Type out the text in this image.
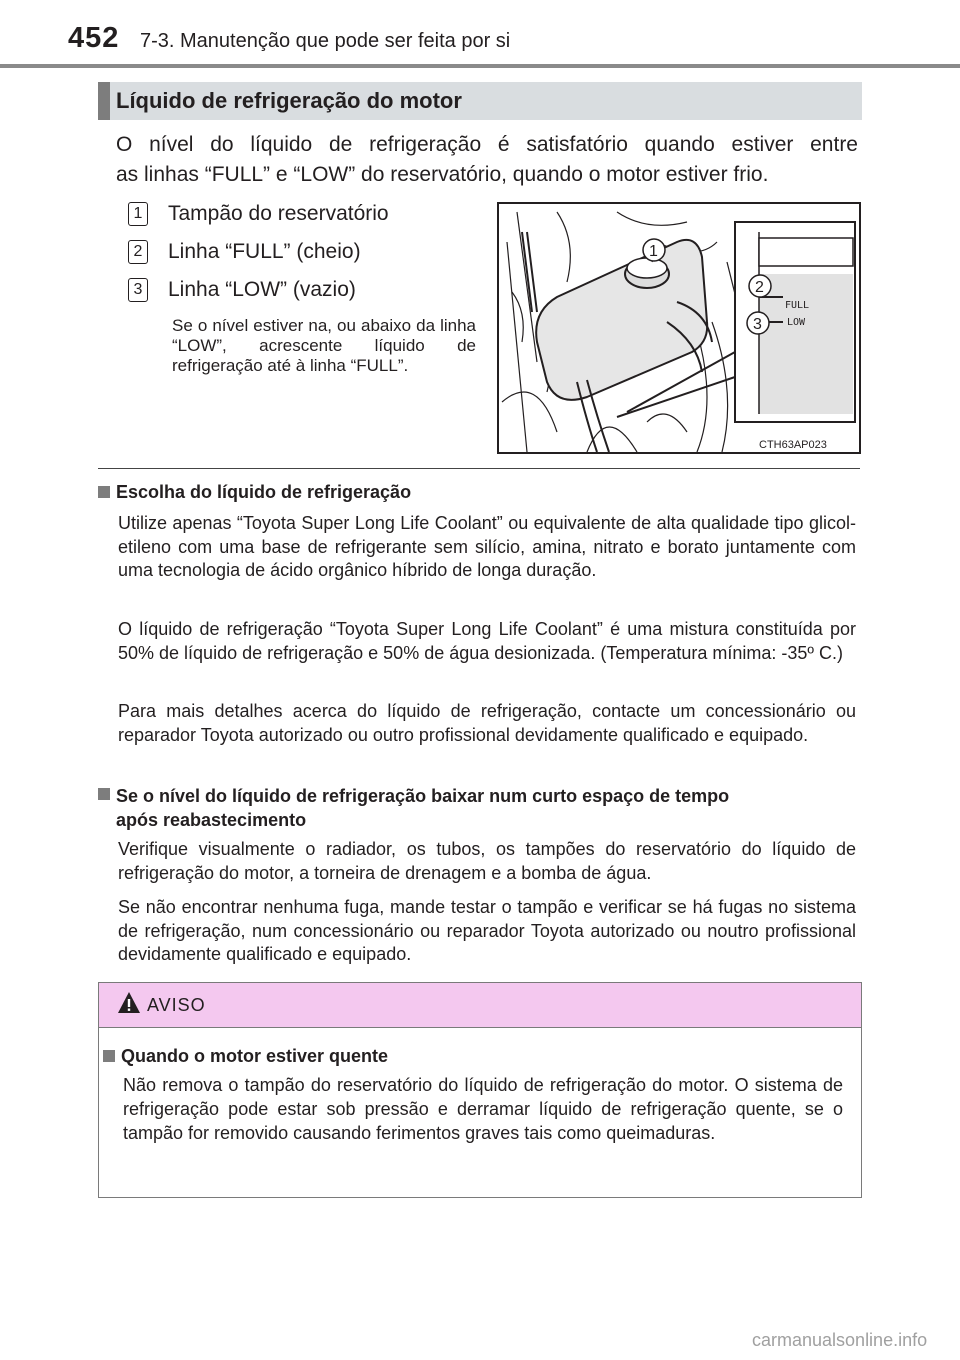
452 7-3. Manutenção que pode ser feita por si
Líquido de refrigeração do motor
O nível do líquido de refrigeração é satisfatório quando estiver entre
as linhas “FULL” e “LOW” do reservatório, quando o motor estiver frio.
1 Tampão do reservatório
2 Linha “FULL” (cheio)
3 Linha “LOW” (vazio)
Se o nível estiver na, ou abaixo da linha “LOW”, acrescente líquido de refrigeração até à linha “FULL”.
FULL
LOW
1
2
3
CTH63AP023
Escolha do líquido de refrigeração
Utilize apenas “Toyota Super Long Life Coolant” ou equivalente de alta qualidade tipo glicol-etileno com uma base de refrigerante sem silício, amina, nitrato e borato juntamente com uma tecnologia de ácido orgânico híbrido de longa duração.
O líquido de refrigeração “Toyota Super Long Life Coolant” é uma mistura constituída por 50% de líquido de refrigeração e 50% de água desionizada. (Temperatura mínima: -35º C.)
Para mais detalhes acerca do líquido de refrigeração, contacte um concessionário ou reparador Toyota autorizado ou outro profissional devidamente qualificado e equipado.
Se o nível do líquido de refrigeração baixar num curto espaço de tempo
após reabastecimento
Verifique visualmente o radiador, os tubos, os tampões do reservatório do líquido de refrigeração do motor, a torneira de drenagem e a bomba de água.
Se não encontrar nenhuma fuga, mande testar o tampão e verificar se há fugas no sistema de refrigeração, num concessionário ou reparador Toyota autorizado ou noutro profissional devidamente qualificado e equipado.
AVISO
Quando o motor estiver quente
Não remova o tampão do reservatório do líquido de refrigeração do motor. O sistema de refrigeração pode estar sob pressão e derramar líquido de refrigeração quente, se o tampão for removido causando ferimentos graves tais como queimaduras.
carmanualsonline.info
